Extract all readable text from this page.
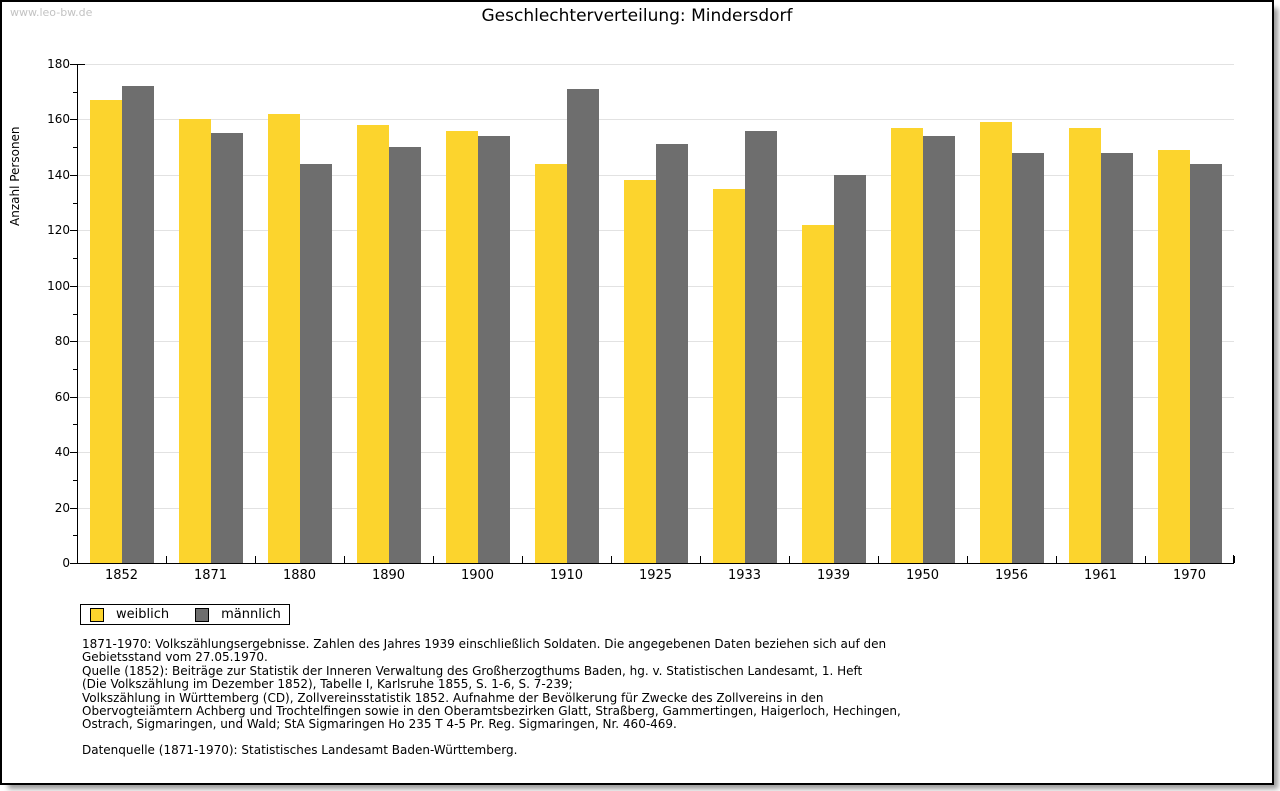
www.leo-bw.de	Geschlechterverteilung: Mindersdorf
Anzahl Personen
1852	1871	1880	1890	1900	1910	1925	1933	1939	1950	1956	1961	1970
0
20
40
60
80
100
120
140
160
180
weiblich	männlich
1871-1970: Volkszählungsergebnisse. Zahlen des Jahres 1939 einschließlich Soldaten. Die angegebenen Daten beziehen sich auf den
Gebietsstand vom 27.05.1970.
Quelle (1852): Beiträge zur Statistik der Inneren Verwaltung des Großherzogthums Baden, hg. v. Statistischen Landesamt, 1. Heft
(Die Volkszählung im Dezember 1852), Tabelle I, Karlsruhe 1855, S. 1-6, S. 7-239;
Volkszählung in Württemberg (CD), Zollvereinsstatistik 1852. Aufnahme der Bevölkerung für Zwecke des Zollvereins in den
Obervogteiämtern Achberg und Trochtelfingen sowie in den Oberamtsbezirken Glatt, Straßberg, Gammertingen, Haigerloch, Hechingen,
Ostrach, Sigmaringen, und Wald; StA Sigmaringen Ho 235 T 4-5 Pr. Reg. Sigmaringen, Nr. 460-469.
Datenquelle (1871-1970): Statistisches Landesamt Baden-Württemberg.
